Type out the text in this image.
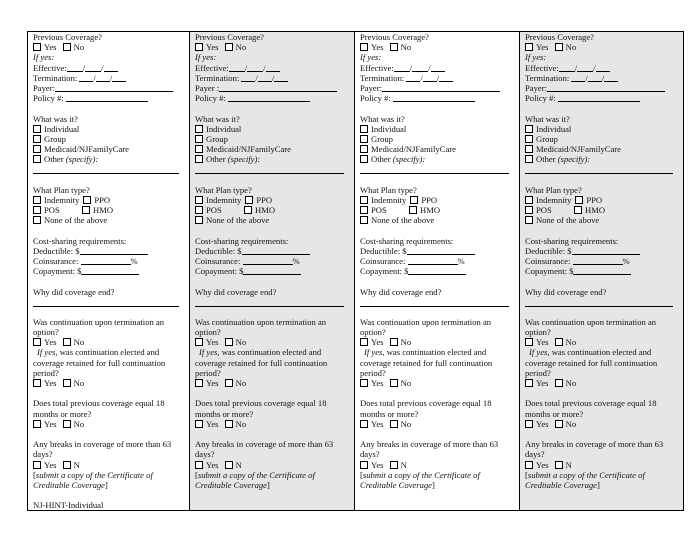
Previous Coverage?
Yes No
If yes:
Effective: / /
Termination: / /
Payer:
Policy #:
What was it?
Individual
Group
Medicaid/NJFamilyCare
Other (specify):
What Plan type?
Indemnity PPO
POS	HMO
None of the above
Cost-sharing requirements:
Deductible: $
Coinsurance:	%
Copayment: $
Why did coverage end?
Was continuation upon termination an
option?
Yes No
If yes, was continuation elected and
coverage retained for full continuation
period?
Yes No
Does total previous coverage equal 18
months or more?
Yes No
Any breaks in coverage of more than 63
days?
Yes N
[submit a copy of the Certificate of
Creditable Coverage]
NJ-HINT-Individual
Previous Coverage?
Yes No
If yes:
Effective: / /
Termination: / /
Payer :
Policy #:
What was it?
Individual
Group
Medicaid/NJFamilyCare
Other (specify):
What Plan type?
Indemnity PPO
POS	HMO
None of the above
Cost-sharing requirements:
Deductible: $
Coinsurance:	%
Copayment: $
Why did coverage end?
Was continuation upon termination an
option?
Yes No
If yes, was continuation elected and
coverage retained for full continuation
period?
Yes No
Does total previous coverage equal 18
months or more?
Yes No
Any breaks in coverage of more than 63
days?
Yes N
[submit a copy of the Certificate of
Creditable Coverage]
Previous Coverage?
Yes No
If yes:
Effective: / /
Termination: / /
Payer:
Policy #:
What was it?
Individual
Group
Medicaid/NJFamilyCare
Other (specify):
What Plan type?
Indemnity PPO
POS	HMO
None of the above
Cost-sharing requirements:
Deductible: $
Coinsurance:	%
Copayment: $
Why did coverage end?
Was continuation upon termination an
option?
Yes No
If yes, was continuation elected and
coverage retained for full continuation
period?
Yes No
Does total previous coverage equal 18
months or more?
Yes No
Any breaks in coverage of more than 63
days?
Yes N
[submit a copy of the Certificate of
Creditable Coverage]
Previous Coverage?
Yes No
If yes:
Effective: / /
Termination: / /
Payer:
Policy #:
What was it?
Individual
Group
Medicaid/NJFamilyCare
Other (specify):
What Plan type?
Indemnity PPO
POS	HMO
None of the above
Cost-sharing requirements:
Deductible: $
Coinsurance:	%
Copayment: $
Why did coverage end?
Was continuation upon termination an
option?
Yes No
If yes, was continuation elected and
coverage retained for full continuation
period?
Yes No
Does total previous coverage equal 18
months or more?
Yes No
Any breaks in coverage of more than 63
days?
Yes N
[submit a copy of the Certificate of
Creditable Coverage]
